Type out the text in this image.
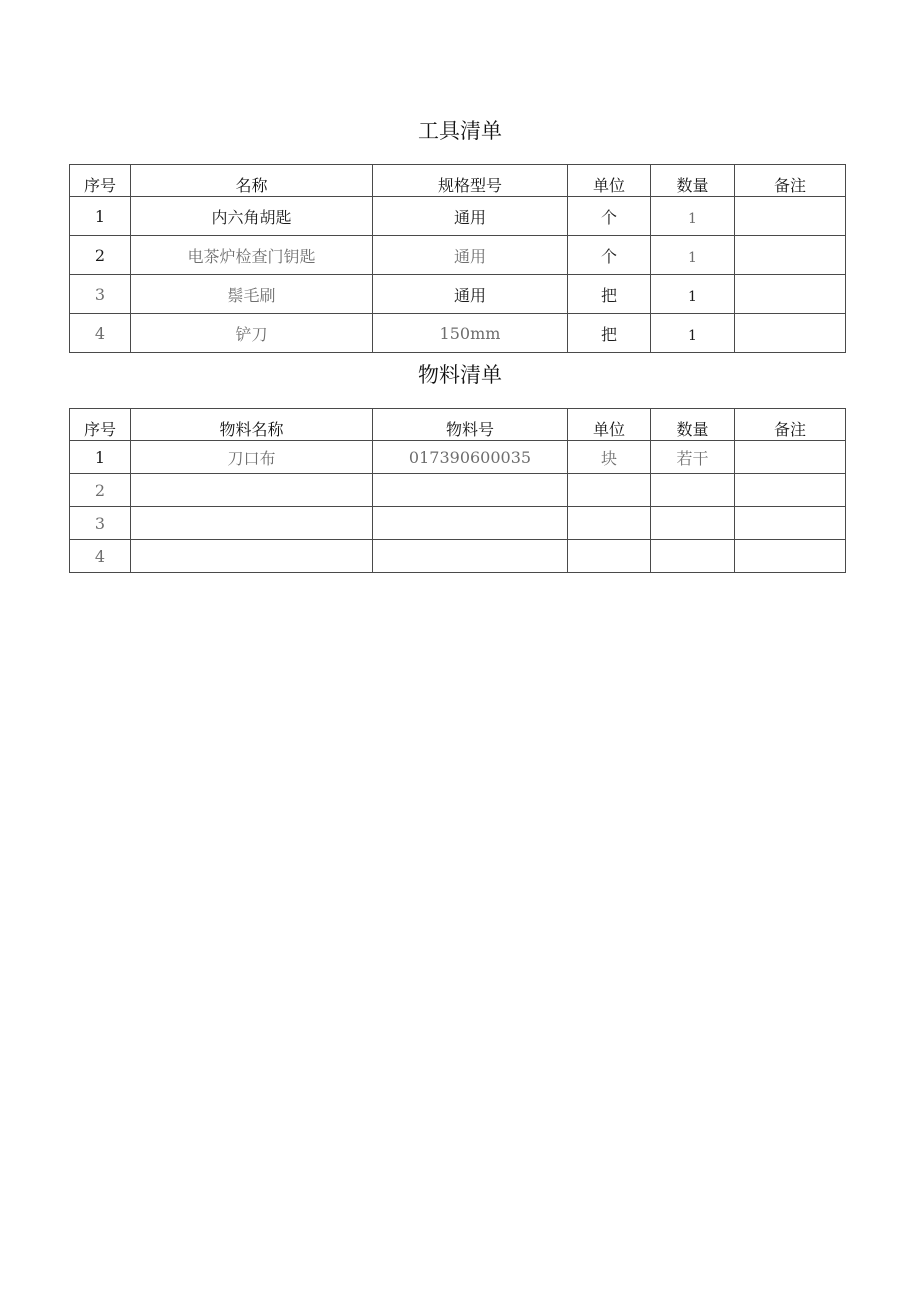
工具清单
序号	名称	规格型号	单位	数量	备注
1	内六角胡匙	通用	个	1	
2	电茶炉检查门钥匙	通用	个	1	
3	鬃毛刷	通用	把	1	
4	铲刀	150mm	把	1	
物料清单
序号	物料名称	物料号	单位	数量	备注
1	刀口布	017390600035	块	若干	
2					
3					
4					
